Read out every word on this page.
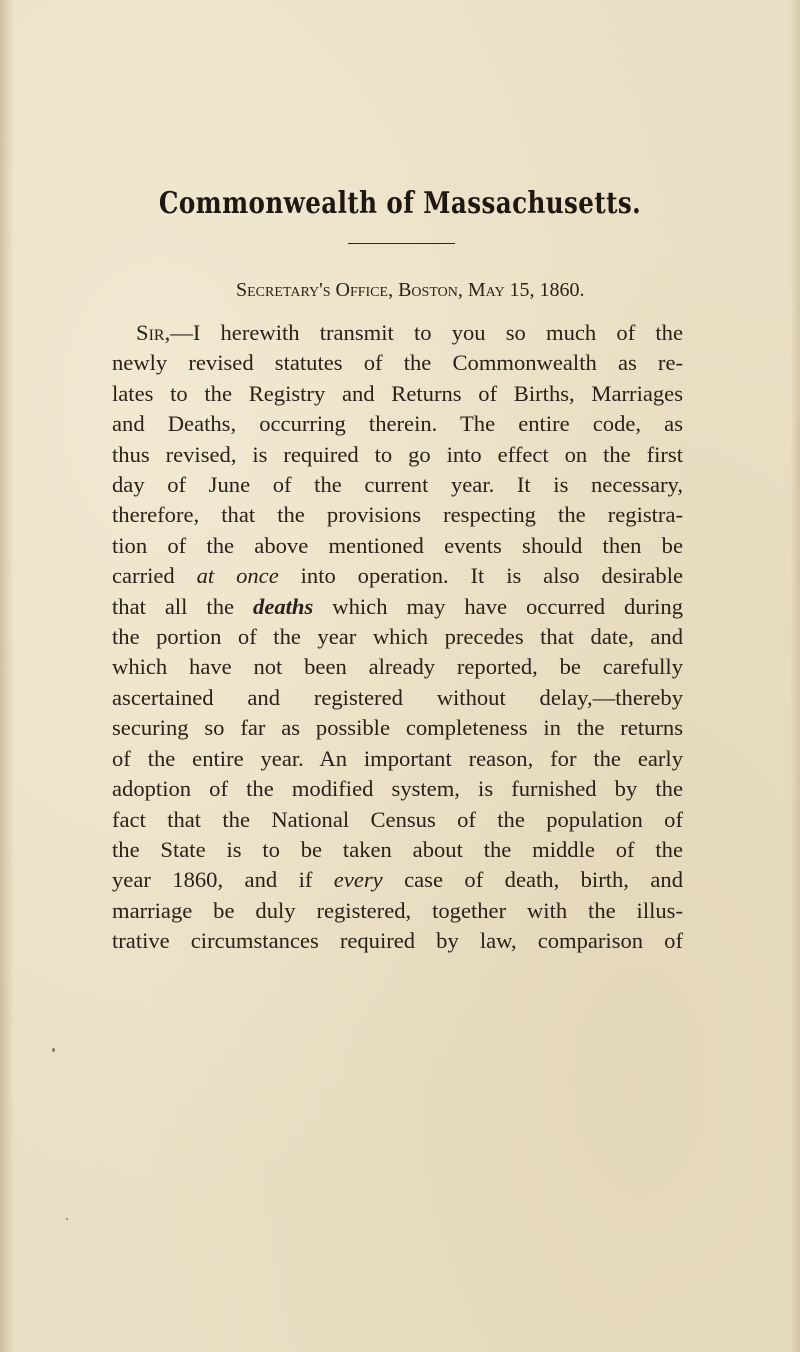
Commonwealth of Massachusetts.
Secretary's Office, Boston, May 15, 1860.
Sir,—I herewith transmit to you so much of the
newly revised statutes of the Commonwealth as re-
lates to the Registry and Returns of Births, Marriages
and Deaths, occurring therein. The entire code, as
thus revised, is required to go into effect on the first
day of June of the current year. It is necessary,
therefore, that the provisions respecting the registra-
tion of the above mentioned events should then be
carried at once into operation. It is also desirable
that all the deaths which may have occurred during
the portion of the year which precedes that date, and
which have not been already reported, be carefully
ascertained and registered without delay,—thereby
securing so far as possible completeness in the returns
of the entire year. An important reason, for the early
adoption of the modified system, is furnished by the
fact that the National Census of the population of
the State is to be taken about the middle of the
year 1860, and if every case of death, birth, and
marriage be duly registered, together with the illus-
trative circumstances required by law, comparison of
